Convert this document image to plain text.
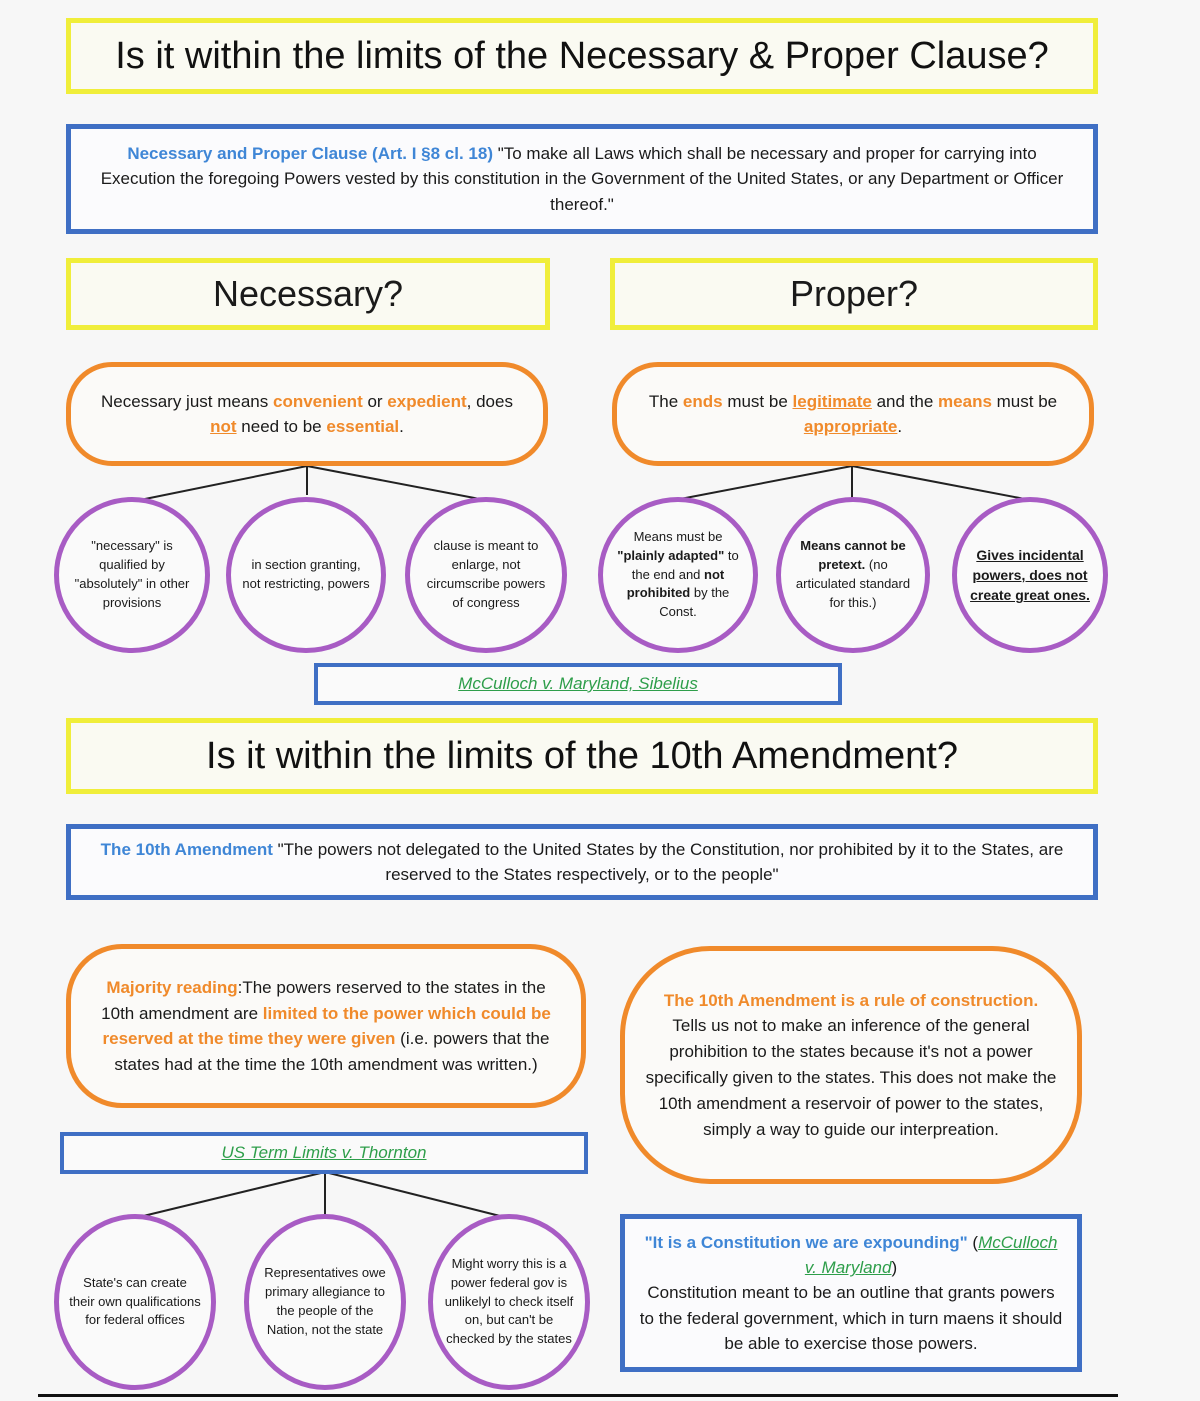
Is it within the limits of the Necessary & Proper Clause?
Necessary and Proper Clause (Art. I §8 cl. 18) "To make all Laws which shall be necessary and proper for carrying into Execution the foregoing Powers vested by this constitution in the Government of the United States, or any Department or Officer thereof."
Necessary?	Proper?
Necessary just means convenient or expedient, does not need to be essential.
The ends must be legitimate and the means must be appropriate.
"necessary" is qualified by "absolutely" in other provisions
in section granting, not restricting, powers
clause is meant to enlarge, not circumscribe powers of congress
Means must be "plainly adapted" to the end and not prohibited by the Const.
Means cannot be pretext. (no articulated standard for this.)
Gives incidental powers, does not create great ones.
McCulloch v. Maryland, Sibelius
Is it within the limits of the 10th Amendment?
The 10th Amendment "The powers not delegated to the United States by the Constitution, nor prohibited by it to the States, are reserved to the States respectively, or to the people"
Majority reading:The powers reserved to the states in the 10th amendment are limited to the power which could be reserved at the time they were given (i.e. powers that the states had at the time the 10th amendment was written.)
The 10th Amendment is a rule of construction. Tells us not to make an inference of the general prohibition to the states because it's not a power specifically given to the states. This does not make the 10th amendment a reservoir of power to the states, simply a way to guide our interpreation.
US Term Limits v. Thornton
State's can create their own qualifications for federal offices
Representatives owe primary allegiance to the people of the Nation, not the state
Might worry this is a power federal gov is unlikelyl to check itself on, but can't be checked by the states
"It is a Constitution we are expounding" (McCulloch v. Maryland)
Constitution meant to be an outline that grants powers to the federal government, which in turn maens it should be able to exercise those powers.
